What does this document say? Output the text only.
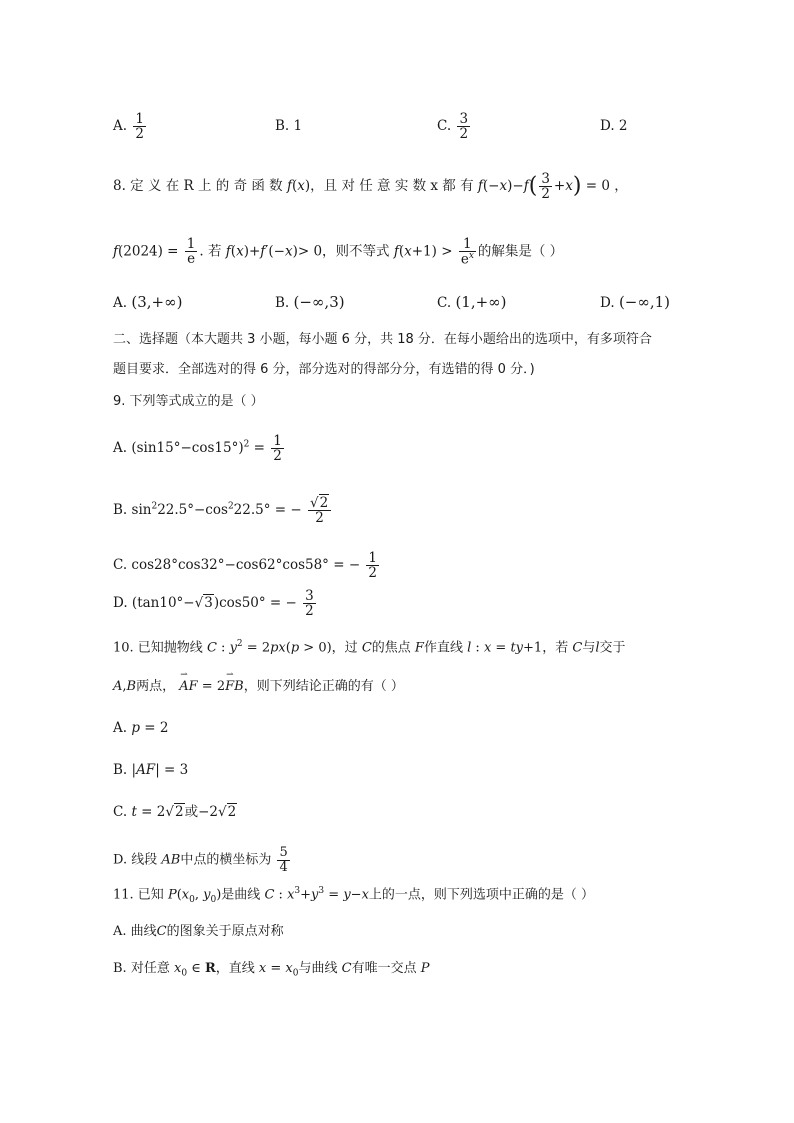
A. $\frac{1}{2}$	B. 1	C. $\frac{3}{2}$	D. 2
8. 定 义 在 R 上 的 奇 函 数 f(x)，且 对 任 意 实 数 x 都 有 $f(-x)-f( \frac{3}{2} +x) = 0$ ，
$f(2024) = \frac{1}{e}$ . 若 f(x)+f′(−x)> 0，则不等式 $f(x+1) > \frac{1}{e^x}$ 的解集是（ ）
A. (3,+∞)	B. (−∞,3)	C. (1,+∞)	D. (−∞,1)
二、选择题（本大题共 3 小题，每小题 6 分，共 18 分．在每小题给出的选项中，有多项符合
题目要求．全部选对的得 6 分，部分选对的得部分分，有选错的得 0 分．)
9. 下列等式成立的是（ ）
A. $(\sin 15^\circ-\cos 15^\circ)^2 = \frac{1}{2}$
B. $\sin^222.5^\circ-\cos^222.5^\circ$ = − $\frac{√2}{2}$
C. cos28°cos32°−cos62°cos58° = − $\frac{1}{2}$
D. (tan10°−√3)cos50° = − $\frac{3}{2}$
10. 已知抛物线 C : $y^2 = 2px(p > 0)$，过 C的焦点 F作直线 l : x = ty+1，若 C与l交于
A,B两点， ⇀ AF = 2⇀ FB，则下列结论正确的有（ ）
A. p = 2
B. |AF| = 3
C. t = 2√2或−2√2
D. 线段 AB中点的横坐标为 $\frac{5}{4}$
11. 已知 $P(x_0$, $y_0$)是曲线 C : $x^3+y^3 = y-x$上的一点，则下列选项中正确的是（ ）
A. 曲线C的图象关于原点对称
B. 对任意 $x_0$ ∈ R，直线 $x = x_0$与曲线 C有唯一交点 P
